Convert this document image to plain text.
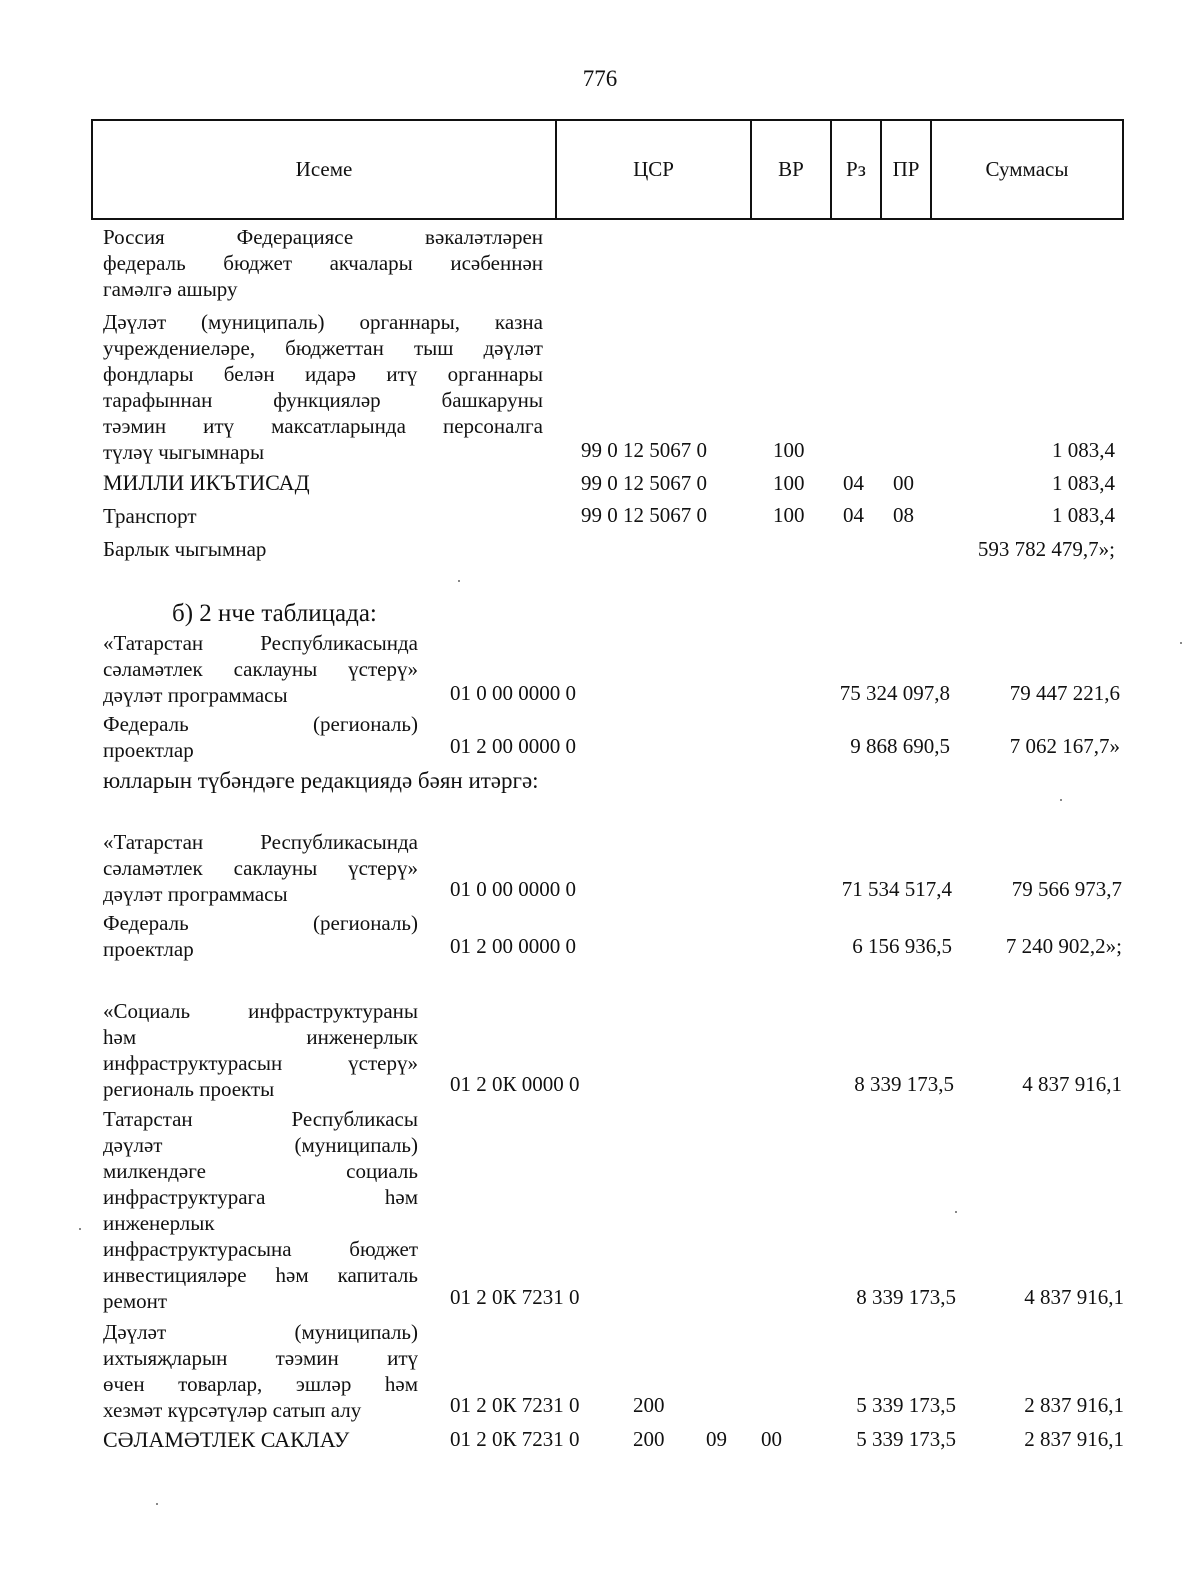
776
Исеме	ЦСР	ВР	Рз	ПР	Суммасы
Россия Федерациясе вәкаләтләрен
федераль бюджет акчалары исәбеннән
гамәлгә ашыру
Дәүләт (муниципаль) органнары, казна
учреждениеләре, бюджеттан тыш дәүләт
фондлары белән идарә итү органнары
тарафыннан функцияләр башкаруны
тәэмин итү максатларында персоналга
түләү чыгымнары	99 0 12 5067 0	100	1 083,4
МИЛЛИ ИКЪТИСАД	99 0 12 5067 0	100 04 00	1 083,4
Транспорт	99 0 12 5067 0	100 04 08	1 083,4
Барлык чыгымнар	593 782 479,7»;
б) 2 нче таблицада:
«Татарстан Республикасында
сәламәтлек саклауны үстерү»
дәүләт программасы	01 0 00 0000 0	75 324 097,8	79 447 221,6
Федераль (региональ)
проектлар	01 2 00 0000 0	9 868 690,5	7 062 167,7»
юлларын түбәндәге редакциядә бәян итәргә:
«Татарстан Республикасында
сәламәтлек саклауны үстерү»
дәүләт программасы	01 0 00 0000 0	71 534 517,4	79 566 973,7
Федераль (региональ)
проектлар	01 2 00 0000 0	6 156 936,5	7 240 902,2»;
«Социаль инфраструктураны
һәм инженерлык
инфраструктурасын үстерү»
региональ проекты	01 2 0К 0000 0	8 339 173,5	4 837 916,1
Татарстан Республикасы
дәүләт (муниципаль)
милкендәге социаль
инфраструктурага һәм
инженерлык
инфраструктурасына бюджет
инвестицияләре һәм капиталь
ремонт	01 2 0К 7231 0	8 339 173,5	4 837 916,1
Дәүләт (муниципаль)
ихтыяҗларын тәэмин итү
өчен товарлар, эшләр һәм
хезмәт күрсәтүләр сатып алу	01 2 0К 7231 0	200	5 339 173,5	2 837 916,1
СӘЛАМӘТЛЕК САКЛАУ	01 2 0К 7231 0	200 09 00	5 339 173,5	2 837 916,1
